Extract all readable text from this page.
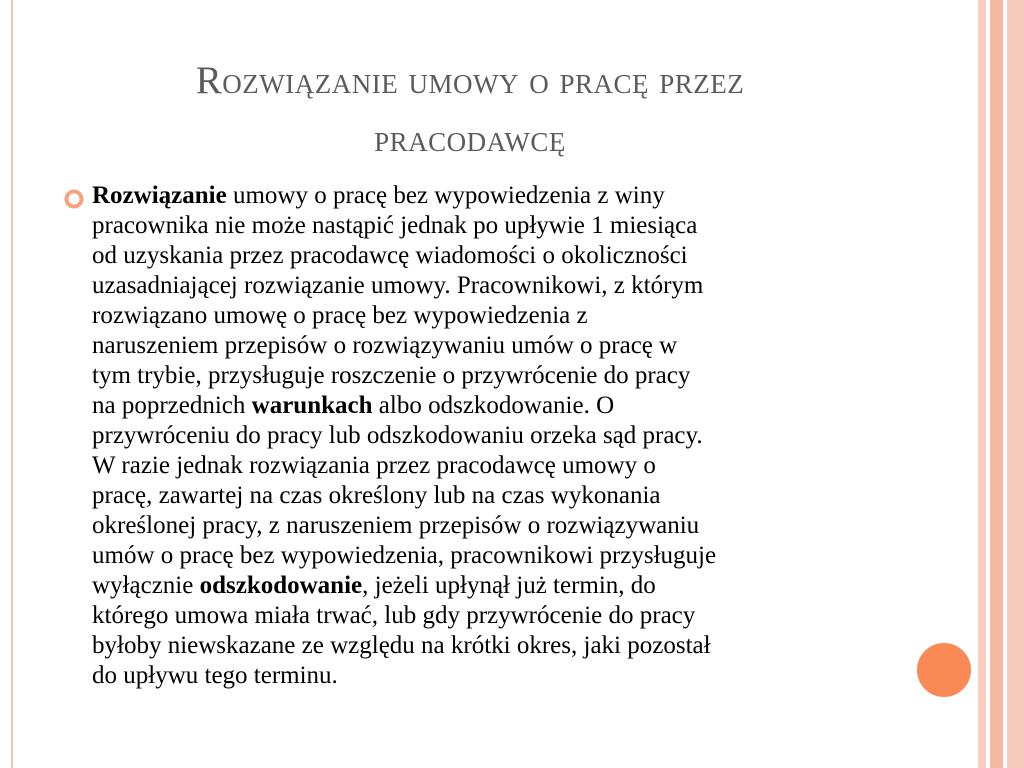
Rozwiązanie umowy o pracę przez pracodawcę
Rozwiązanie umowy o pracę bez wypowiedzenia z winy
pracownika nie może nastąpić jednak po upływie 1 miesiąca
od uzyskania przez pracodawcę wiadomości o okoliczności
uzasadniającej rozwiązanie umowy. Pracownikowi, z którym
rozwiązano umowę o pracę bez wypowiedzenia z
naruszeniem przepisów o rozwiązywaniu umów o pracę w
tym trybie, przysługuje roszczenie o przywrócenie do pracy
na poprzednich warunkach albo odszkodowanie. O
przywróceniu do pracy lub odszkodowaniu orzeka sąd pracy.
W razie jednak rozwiązania przez pracodawcę umowy o
pracę, zawartej na czas określony lub na czas wykonania
określonej pracy, z naruszeniem przepisów o rozwiązywaniu
umów o pracę bez wypowiedzenia, pracownikowi przysługuje
wyłącznie odszkodowanie, jeżeli upłynął już termin, do
którego umowa miała trwać, lub gdy przywrócenie do pracy
byłoby niewskazane ze względu na krótki okres, jaki pozostał
do upływu tego terminu.
